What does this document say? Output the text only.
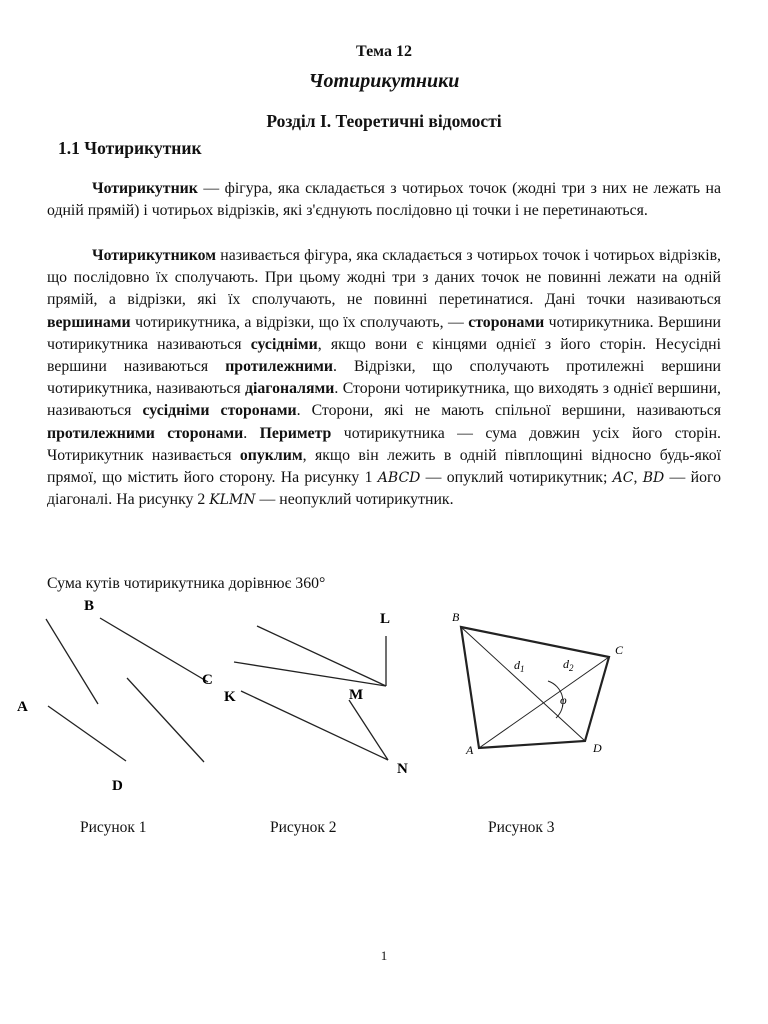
Тема 12
Чотирикутники
Розділ І. Теоретичні відомості
1.1 Чотирикутник

Чотирикутник — фігура, яка складається з чотирьох точок (жодні три з них не лежать на одній прямій) і чотирьох відрізків, які з'єднують послідовно ці точки і не перетинаються.

Чотирикутником називається фігура, яка складається з чотирьох точок і чотирьох відрізків, що послідовно їх сполучають. При цьому жодні три з даних точок не повинні лежати на одній прямій, а відрізки, які їх сполучають, не повинні перетинатися. Дані точки називаються вершинами чотирикутника, а відрізки, що їх сполучають, — сторонами чотирикутника. Вершини чотирикутника називаються сусідніми, якщо вони є кінцями однієї з його сторін. Несусідні вершини називаються протилежними. Відрізки, що сполучають протилежні вершини чотирикутника, називаються діагоналями. Сторони чотирикутника, що виходять з однієї вершини, називаються сусідніми сторонами. Сторони, які не мають спільної вершини, називаються протилежними сторонами. Периметр чотирикутника — сума довжин усіх його сторін. Чотирикутник називається опуклим, якщо він лежить в одній півплощині відносно будь-якої прямої, що містить його сторону. На рисунку 1 ABCD — опуклий чотирикутник; AC, BD — його діагоналі. На рисунку 2 KLMN — неопуклий чотирикутник.

Сума кутів чотирикутника дорівнює 360°
B
C
A
D
L
K	M
N
B
C
A	D
$d_1$	$d_2$
φ
Рисунок 1	Рисунок 2	Рисунок 3
1
